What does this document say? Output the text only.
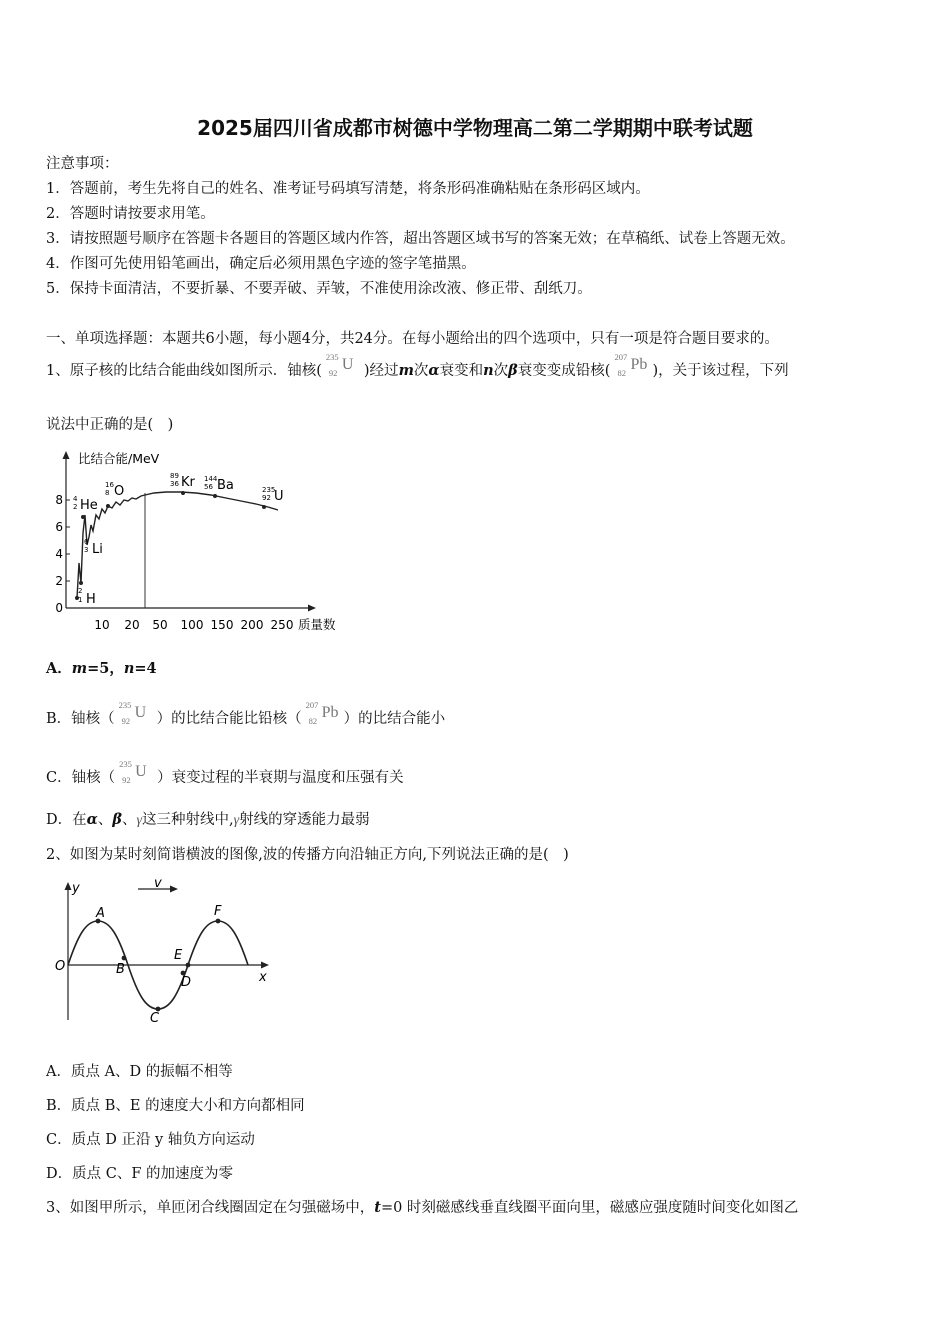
2025届四川省成都市树德中学物理高二第二学期期中联考试题
注意事项：
1．答题前，考生先将自己的姓名、准考证号码填写清楚，将条形码准确粘贴在条形码区域内。
2．答题时请按要求用笔。
3．请按照题号顺序在答题卡各题目的答题区域内作答，超出答题区域书写的答案无效；在草稿纸、试卷上答题无效。
4．作图可先使用铅笔画出，确定后必须用黑色字迹的签字笔描黑。
5．保持卡面清洁，不要折暴、不要弄破、弄皱，不准使用涂改液、修正带、刮纸刀。
一、单项选择题：本题共6小题，每小题4分，共24分。在每小题给出的四个选项中，只有一项是符合题目要求的。
1、原子核的比结合能曲线如图所示．铀核(
235
92 U )经过m次α衰变和n次β衰变变成铅核(
207
82 Pb )，关于该过程，下列
说法中正确的是(　)
比结合能/MeV
0
2
4
6
8
10 20 50 100 150 200 250 质量数
2
1
6
3
4
2
16
8
89
36
144
56	235
92
H
Li
He
O
Kr Ba
U
A．m=5，n=4
B．铀核（
235
92 U ）的比结合能比铅核（
207
82 Pb ）的比结合能小
C．铀核（
235
92 U ）衰变过程的半衰期与温度和压强有关
D．在α、β、γ这三种射线中,γ射线的穿透能力最弱
2、如图为某时刻简谐横波的图像,波的传播方向沿轴正方向,下列说法正确的是(　)
y
x
v
O
A
B
C
D
E
F
A．质点 A、D 的振幅不相等
B．质点 B、E 的速度大小和方向都相同
C．质点 D 正沿 y 轴负方向运动
D．质点 C、F 的加速度为零
3、如图甲所示，单匝闭合线圈固定在匀强磁场中，t=0 时刻磁感线垂直线圈平面向里，磁感应强度随时间变化如图乙
